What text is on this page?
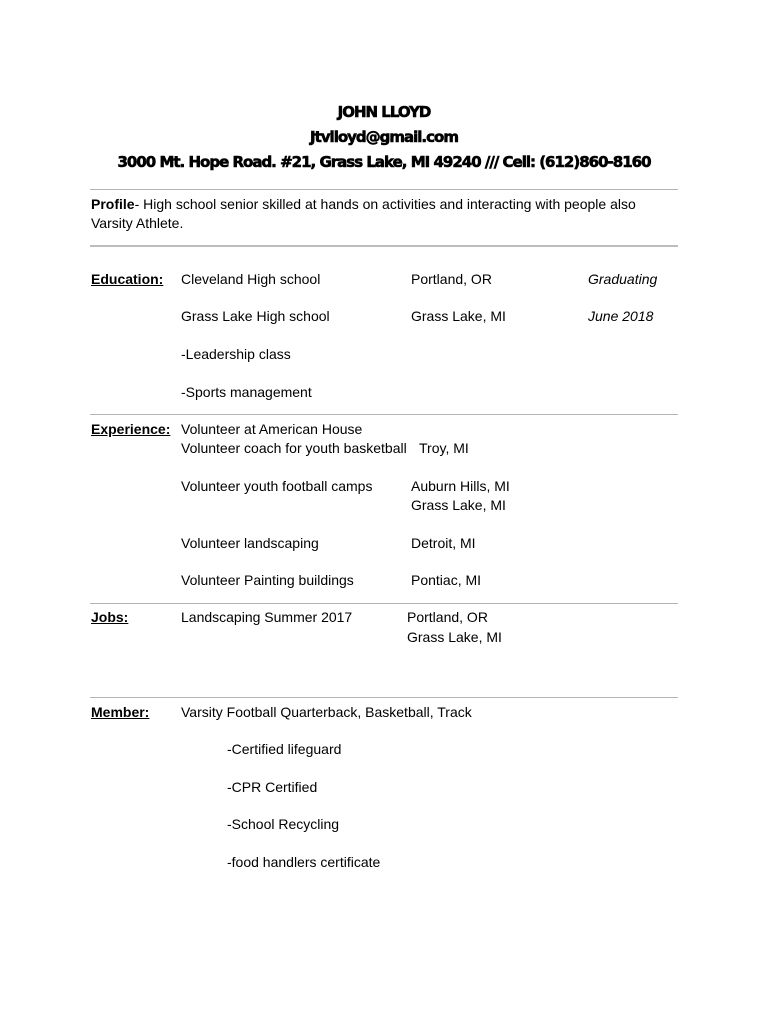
JOHN LLOYD
Jtvlloyd@gmail.com
3000 Mt. Hope Road. #21, Grass Lake, MI 49240 /// Cell: (612)860-8160
Profile- High school senior skilled at hands on activities and interacting with people also Varsity Athlete.
Education:	Cleveland High school	Portland, OR	Graduating
Grass Lake High school	Grass Lake, MI	June 2018
-Leadership class
-Sports management
Experience: Volunteer at American House
Volunteer coach for youth basketball Troy, MI
Volunteer youth football camps	Auburn Hills, MI
Grass Lake, MI
Volunteer landscaping	Detroit, MI
Volunteer Painting buildings	Pontiac, MI
Jobs:	Landscaping Summer 2017	Portland, OR
Grass Lake, MI
Member:	Varsity Football Quarterback, Basketball, Track
-Certified lifeguard
-CPR Certified
-School Recycling
-food handlers certificate
